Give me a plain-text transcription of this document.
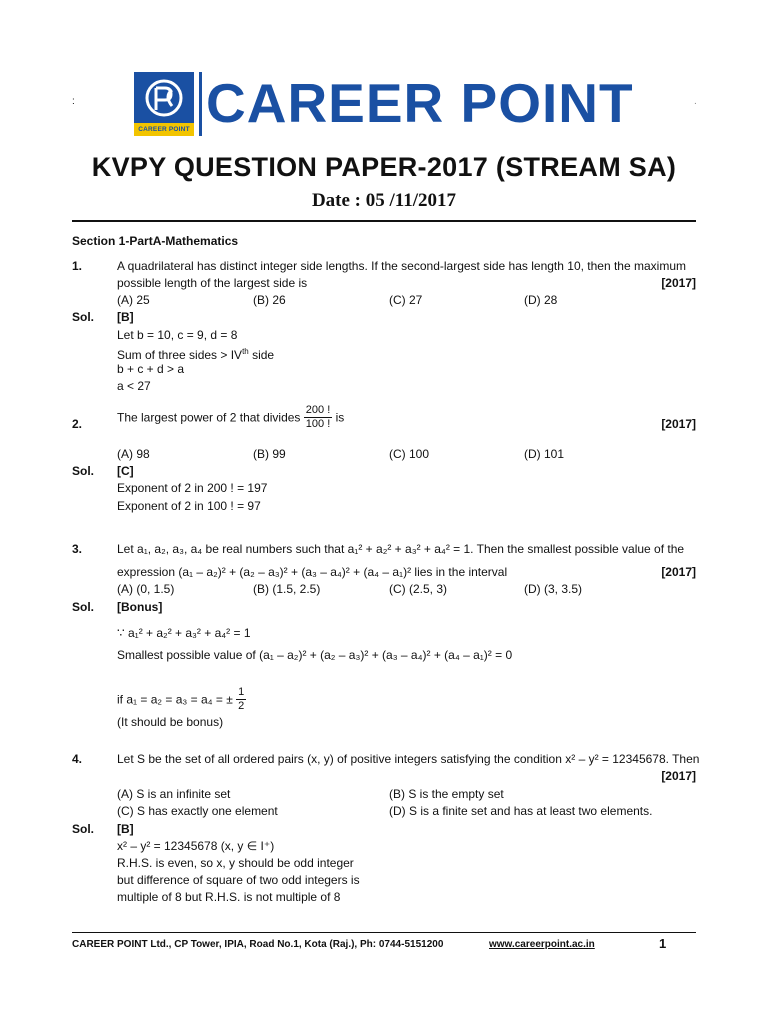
:
CAREER POINT CAREER POINT	.
KVPY QUESTION PAPER-2017 (STREAM SA)
Date : 05 /11/2017
Section 1-PartA-Mathematics
1.	A quadrilateral has distinct integer side lengths. If the second-largest side has length 10, then the maximum
possible length of the largest side is	[2017]
(A) 25	(B) 26	(C) 27	(D) 28
Sol. [B]
Let b = 10, c = 9, d = 8
Sum of three sides > IVth side
b + c + d > a
a < 27
2.	The largest power of 2 that divides $\frac{200 !}{100 !}$ is	[2017]
(A) 98	(B) 99	(C) 100	(D) 101
Sol. [C]
Exponent of 2 in 200 ! = 197
Exponent of 2 in 100 ! = 97
3.	Let a₁, a₂, a₃, a₄ be real numbers such that a₁² + a₂² + a₃² + a₄² = 1. Then the smallest possible value of the
expression (a₁ – a₂)² + (a₂ – a₃)² + (a₃ – a₄)² + (a₄ – a₁)² lies in the interval	[2017]
(A) (0, 1.5)	(B) (1.5, 2.5)	(C) (2.5, 3)	(D) (3, 3.5)
Sol. [Bonus]
∵ a₁² + a₂² + a₃² + a₄² = 1
Smallest possible value of (a₁ – a₂)² + (a₂ – a₃)² + (a₃ – a₄)² + (a₄ – a₁)² = 0
if a₁ = a₂ = a₃ = a₄ = ± $\frac{1}{2}$
(It should be bonus)
4.	Let S be the set of all ordered pairs (x, y) of positive integers satisfying the condition x² – y² = 12345678. Then
[2017]
(A) S is an infinite set	(B) S is the empty set
(C) S has exactly one element	(D) S is a finite set and has at least two elements.
Sol. [B]
x² – y² = 12345678 (x, y ∈ I⁺)
R.H.S. is even, so x, y should be odd integer
but difference of square of two odd integers is
multiple of 8 but R.H.S. is not multiple of 8
CAREER POINT Ltd., CP Tower, IPIA, Road No.1, Kota (Raj.), Ph: 0744-5151200	www.careerpoint.ac.in	1
